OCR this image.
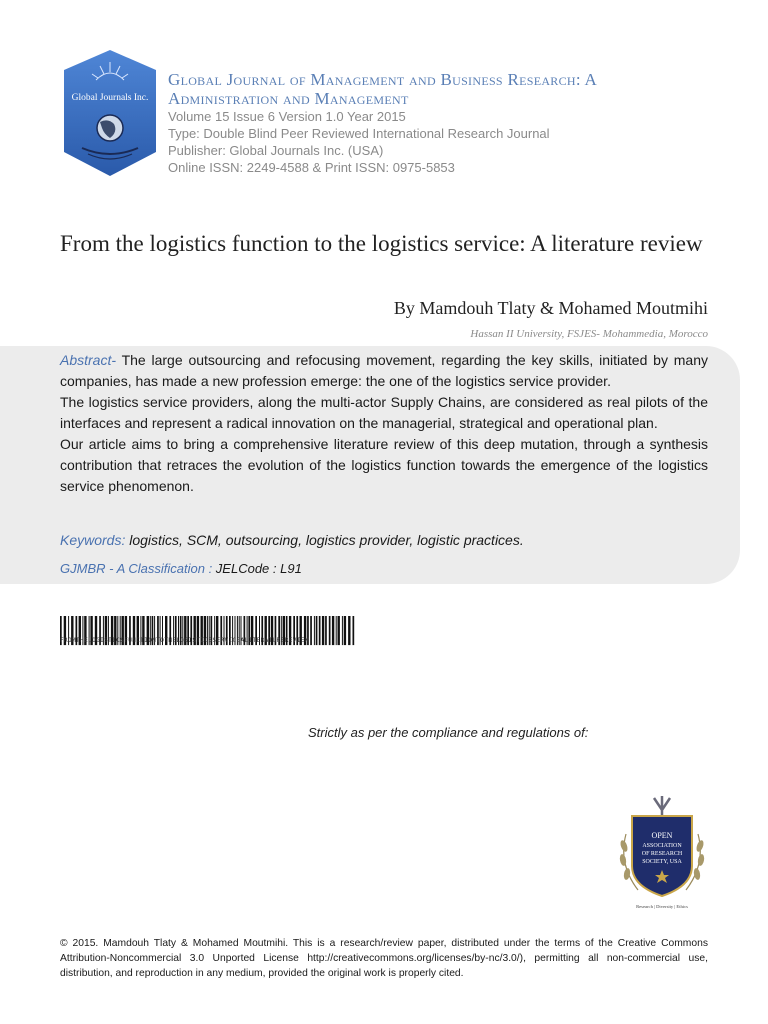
Global Journals Inc.
Global Journal of Management and Business Research: A
Administration and Management
Volume 15 Issue 6 Version 1.0 Year 2015
Type: Double Blind Peer Reviewed International Research Journal
Publisher: Global Journals Inc. (USA)
Online ISSN: 2249-4588 & Print ISSN: 0975-5853
From the logistics function to the logistics service: A literature review
By Mamdouh Tlaty & Mohamed Moutmihi
Hassan II University, FSJES- Mohammedia, Morocco

Abstract- The large outsourcing and refocusing movement, regarding the key skills, initiated by many companies, has made a new profession emerge: the one of the logistics service provider.

The logistics service providers, along the multi-actor Supply Chains, are considered as real pilots of the interfaces and represent a radical innovation on the managerial, strategical and operational plan.

Our article aims to bring a comprehensive literature review of this deep mutation, through a synthesis contribution that retraces the evolution of the logistics function towards the emergence of the logistics service phenomenon.

Keywords: logistics, SCM, outsourcing, logistics provider, logistic practices.
GJMBR - A Classification : JELCode : L91
FROMTHELOGISTICSFUNCTIONTOTHELOGISTICSSERVICEALITERATUREREVIEW
Strictly as per the compliance and regulations of:
OPEN
ASSOCIATION
OF RESEARCH
SOCIETY, USA
Research | Diversity | Ethics
© 2015. Mamdouh Tlaty & Mohamed Moutmihi. This is a research/review paper, distributed under the terms of the Creative Commons Attribution-Noncommercial 3.0 Unported License http://creativecommons.org/licenses/by-nc/3.0/), permitting all non-commercial use, distribution, and reproduction in any medium, provided the original work is properly cited.
